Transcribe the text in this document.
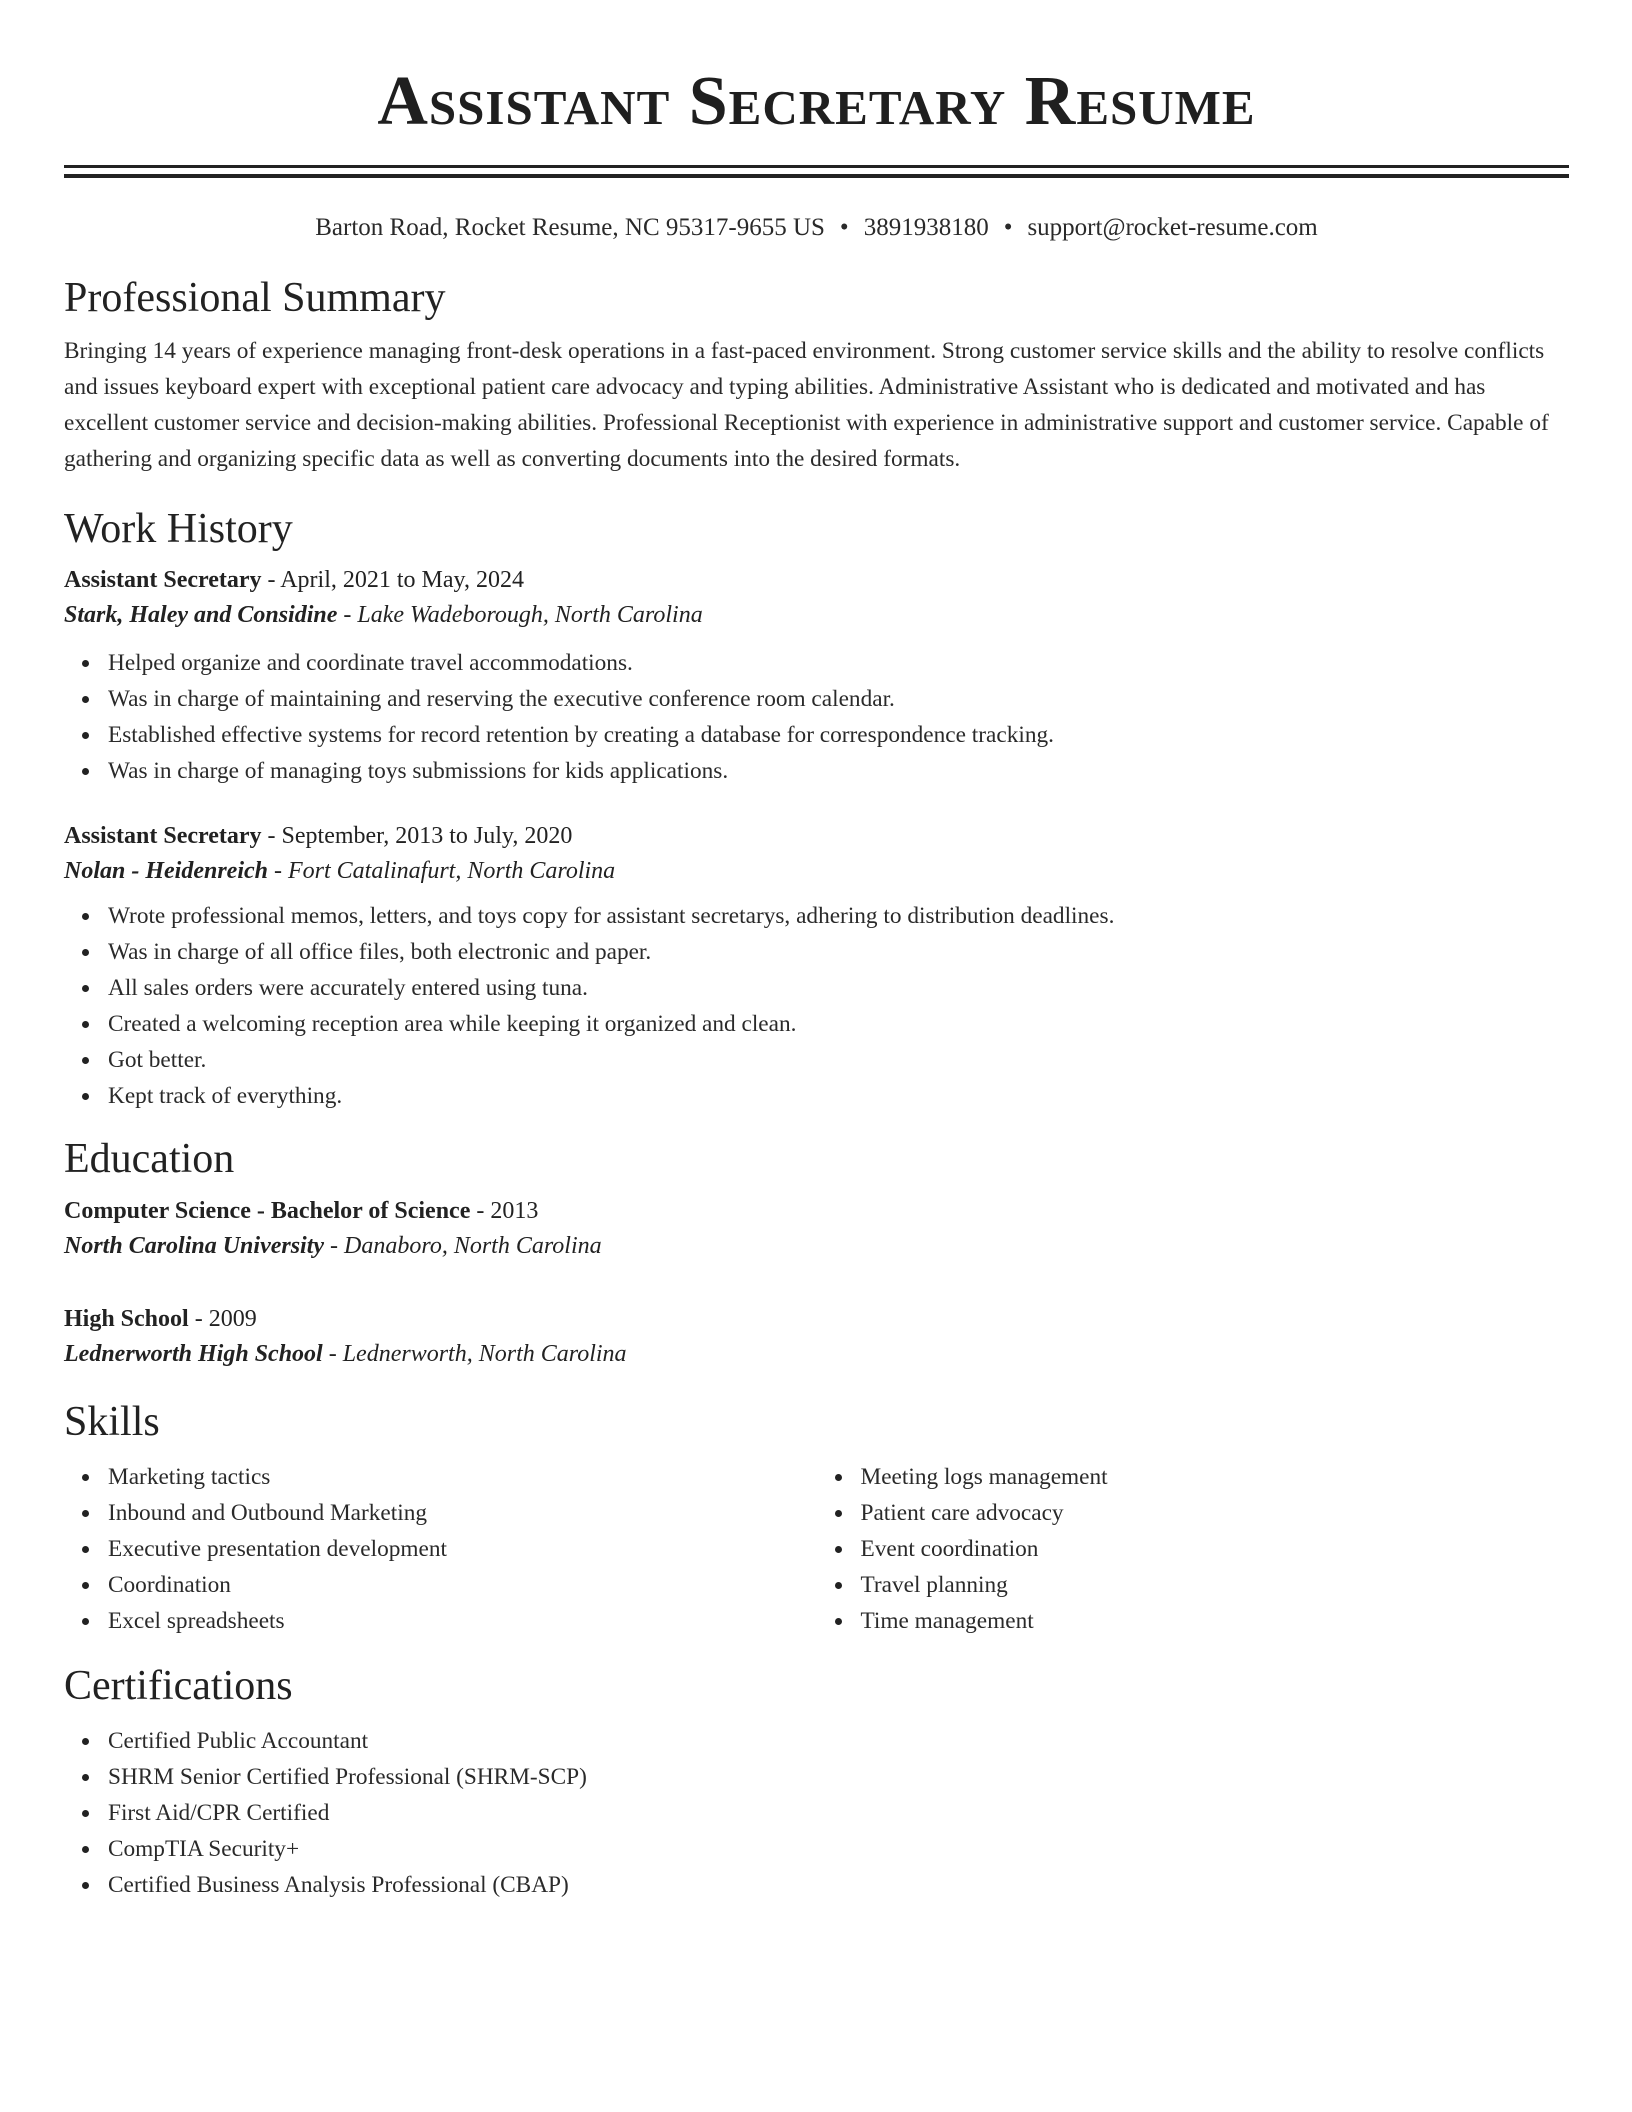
Assistant Secretary Resume
Barton Road, Rocket Resume, NC 95317-9655 US • 3891938180 • support@rocket-resume.com
Professional Summary

Bringing 14 years of experience managing front-desk operations in a fast-paced environment. Strong customer service skills and the ability to resolve conflicts and issues keyboard expert with exceptional patient care advocacy and typing abilities. Administrative Assistant who is dedicated and motivated and has excellent customer service and decision-making abilities. Professional Receptionist with experience in administrative support and customer service. Capable of gathering and organizing specific data as well as converting documents into the desired formats.

Work History

Assistant Secretary - April, 2021 to May, 2024

Stark, Haley and Considine - Lake Wadeborough, North Carolina

Helped organize and coordinate travel accommodations.
Was in charge of maintaining and reserving the executive conference room calendar.
Established effective systems for record retention by creating a database for correspondence tracking.
Was in charge of managing toys submissions for kids applications.

Assistant Secretary - September, 2013 to July, 2020

Nolan - Heidenreich - Fort Catalinafurt, North Carolina

Wrote professional memos, letters, and toys copy for assistant secretarys, adhering to distribution deadlines.
Was in charge of all office files, both electronic and paper.
All sales orders were accurately entered using tuna.
Created a welcoming reception area while keeping it organized and clean.
Got better.
Kept track of everything.
Education

Computer Science - Bachelor of Science - 2013

North Carolina University - Danaboro, North Carolina

High School - 2009

Lednerworth High School - Lednerworth, North Carolina

Skills
Marketing tactics
Inbound and Outbound Marketing
Executive presentation development
Coordination
Excel spreadsheets
Meeting logs management
Patient care advocacy
Event coordination
Travel planning
Time management
Certifications
Certified Public Accountant
SHRM Senior Certified Professional (SHRM-SCP)
First Aid/CPR Certified
CompTIA Security+
Certified Business Analysis Professional (CBAP)
